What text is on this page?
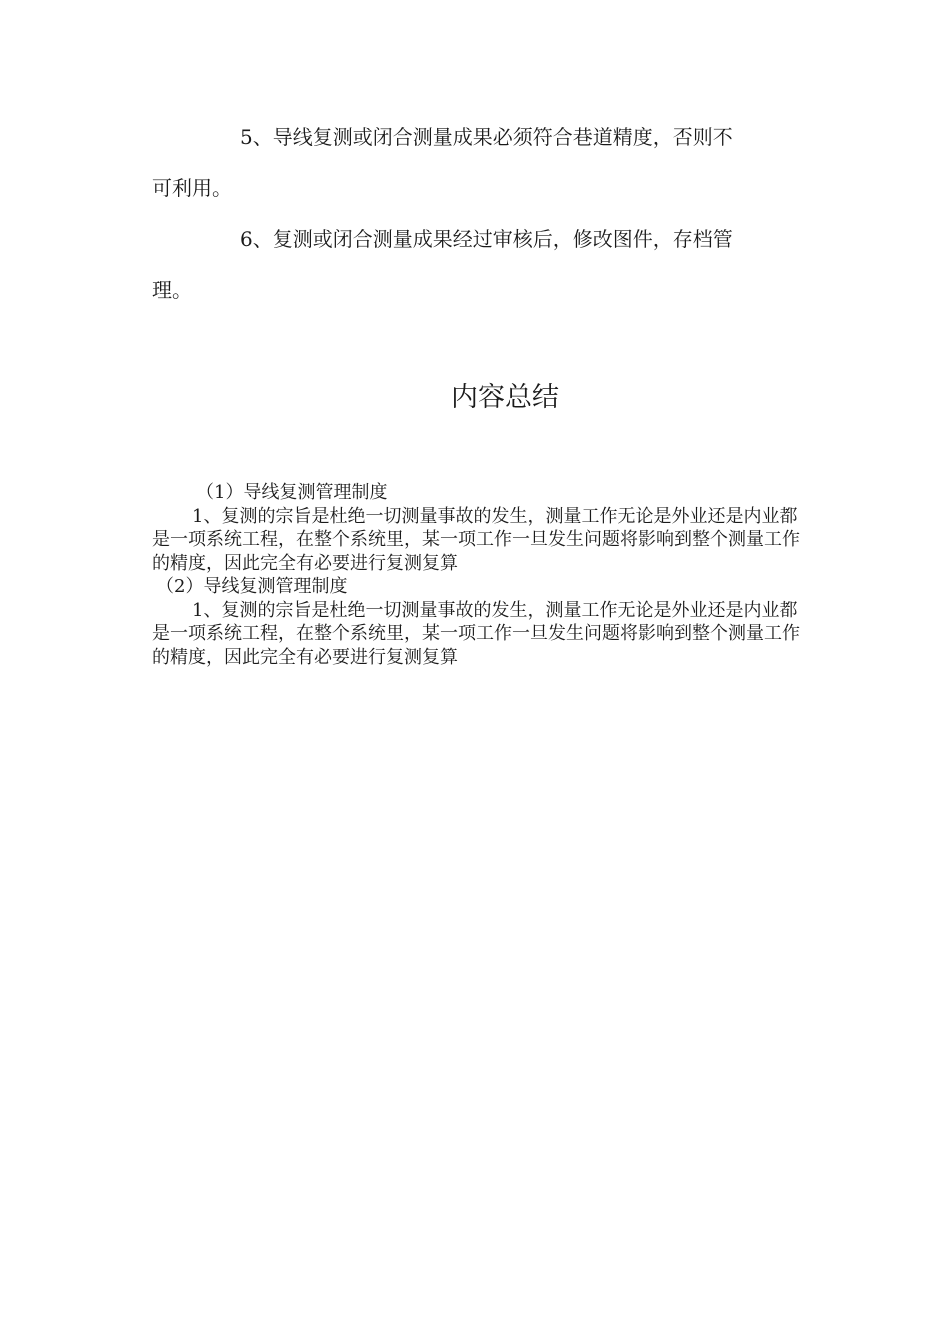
5、导线复测或闭合测量成果必须符合巷道精度，否则不
可利用。

6、复测或闭合测量成果经过审核后，修改图件，存档管
理。

内容总结

（1）导线复测管理制度

1、复测的宗旨是杜绝一切测量事故的发生，测量工作无论是外业还是内业都是一项系统工程，在整个系统里，某一项工作一旦发生问题将影响到整个测量工作的精度，因此完全有必要进行复测复算

（2）导线复测管理制度

1、复测的宗旨是杜绝一切测量事故的发生，测量工作无论是外业还是内业都是一项系统工程，在整个系统里，某一项工作一旦发生问题将影响到整个测量工作的精度，因此完全有必要进行复测复算
